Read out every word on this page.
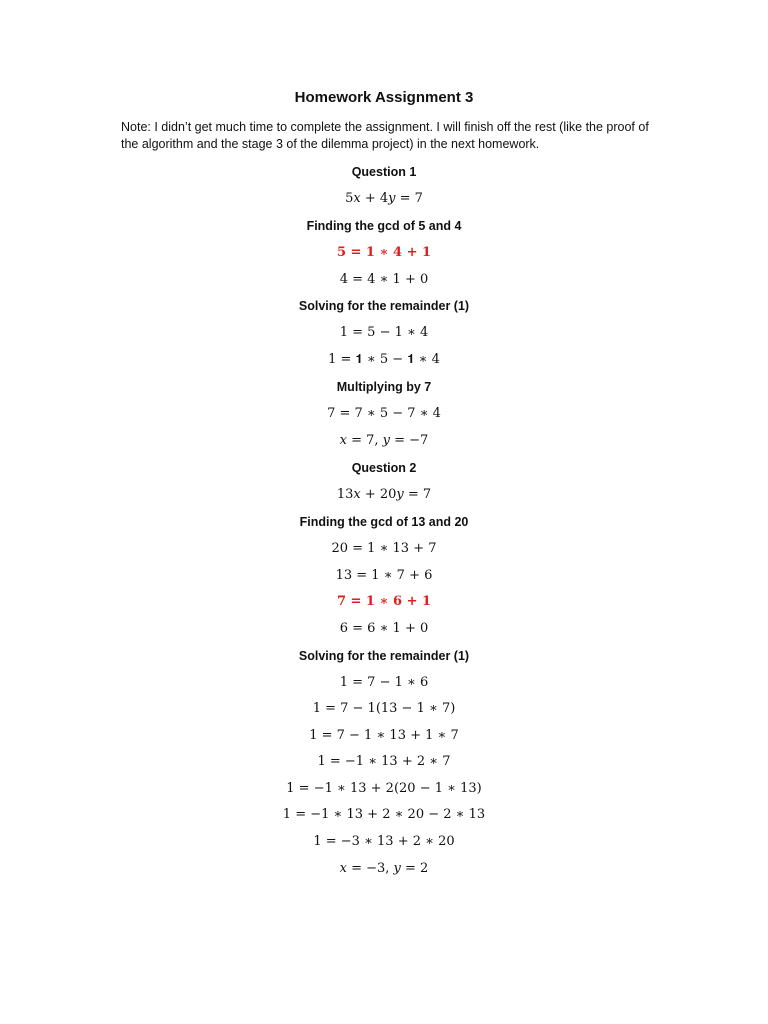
Homework Assignment 3
Note: I didn’t get much time to complete the assignment. I will finish off the rest (like the proof of the algorithm and the stage 3 of the dilemma project) in the next homework.
Question 1
5𝑥 + 4𝑦 = 7
Finding the gcd of 5 and 4
𝟓 = 𝟏 ∗ 𝟒 + 𝟏
4 = 4 ∗ 1 + 0
Solving for the remainder (1)
1 = 5 − 1 ∗ 4
1 = 𝟏 ∗ 5 − 𝟏 ∗ 4
Multiplying by 7
7 = 7 ∗ 5 − 7 ∗ 4
𝑥 = 7, 𝑦 = −7
Question 2
13𝑥 + 20𝑦 = 7
Finding the gcd of 13 and 20
20 = 1 ∗ 13 + 7
13 = 1 ∗ 7 + 6
𝟕 = 𝟏 ∗ 𝟔 + 𝟏
6 = 6 ∗ 1 + 0
Solving for the remainder (1)
1 = 7 − 1 ∗ 6
1 = 7 − 1(13 − 1 ∗ 7)
1 = 7 − 1 ∗ 13 + 1 ∗ 7
1 = −1 ∗ 13 + 2 ∗ 7
1 = −1 ∗ 13 + 2(20 − 1 ∗ 13)
1 = −1 ∗ 13 + 2 ∗ 20 − 2 ∗ 13
1 = −3 ∗ 13 + 2 ∗ 20
𝑥 = −3, 𝑦 = 2
